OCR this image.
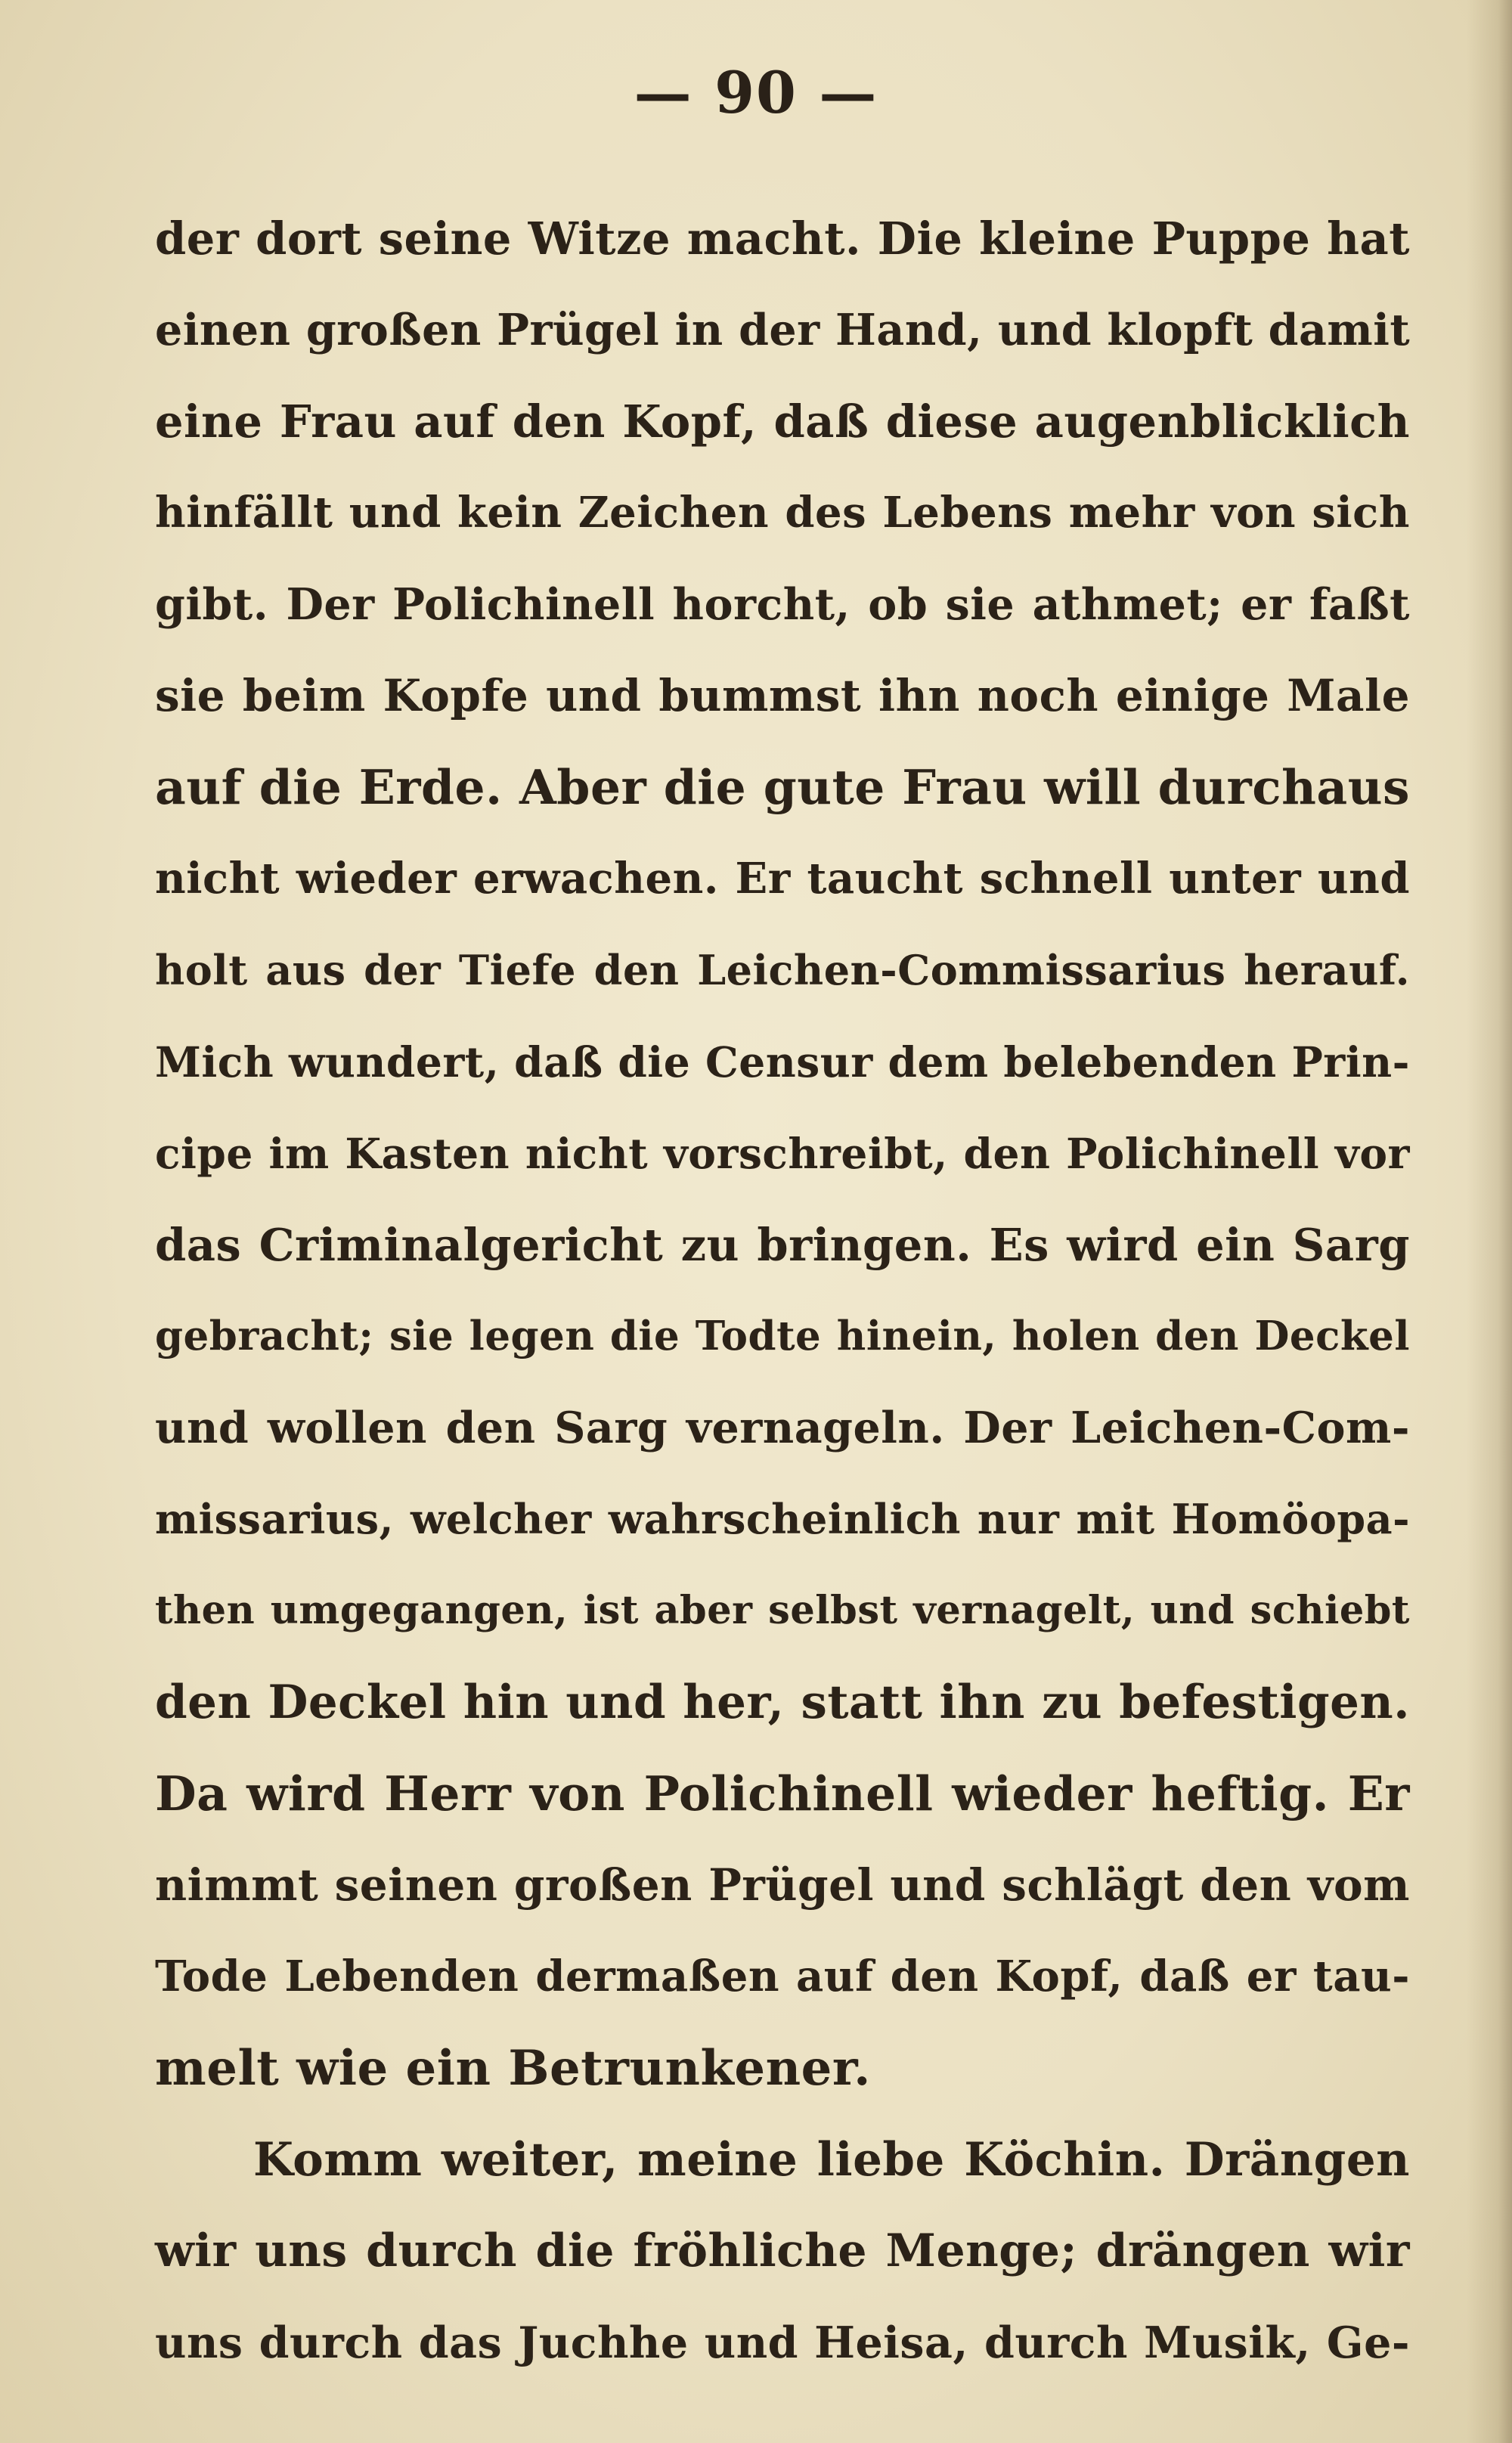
— 90 —
der dort seine Witze macht. Die kleine Puppe hat
einen großen Prügel in der Hand, und klopft damit
eine Frau auf den Kopf, daß diese augenblicklich
hinfällt und kein Zeichen des Lebens mehr von sich
gibt. Der Polichinell horcht, ob sie athmet; er faßt
sie beim Kopfe und bummst ihn noch einige Male
auf die Erde. Aber die gute Frau will durchaus
nicht wieder erwachen. Er taucht schnell unter und
holt aus der Tiefe den Leichen-Commissarius herauf.
Mich wundert, daß die Censur dem belebenden Prin-
cipe im Kasten nicht vorschreibt, den Polichinell vor
das Criminalgericht zu bringen. Es wird ein Sarg
gebracht; sie legen die Todte hinein, holen den Deckel
und wollen den Sarg vernageln. Der Leichen-Com-
missarius, welcher wahrscheinlich nur mit Homöopa-
then umgegangen, ist aber selbst vernagelt, und schiebt
den Deckel hin und her, statt ihn zu befestigen.
Da wird Herr von Polichinell wieder heftig. Er
nimmt seinen großen Prügel und schlägt den vom
Tode Lebenden dermaßen auf den Kopf, daß er tau-
melt wie ein Betrunkener.
Komm weiter, meine liebe Köchin. Drängen
wir uns durch die fröhliche Menge; drängen wir
uns durch das Juchhe und Heisa, durch Musik, Ge-
